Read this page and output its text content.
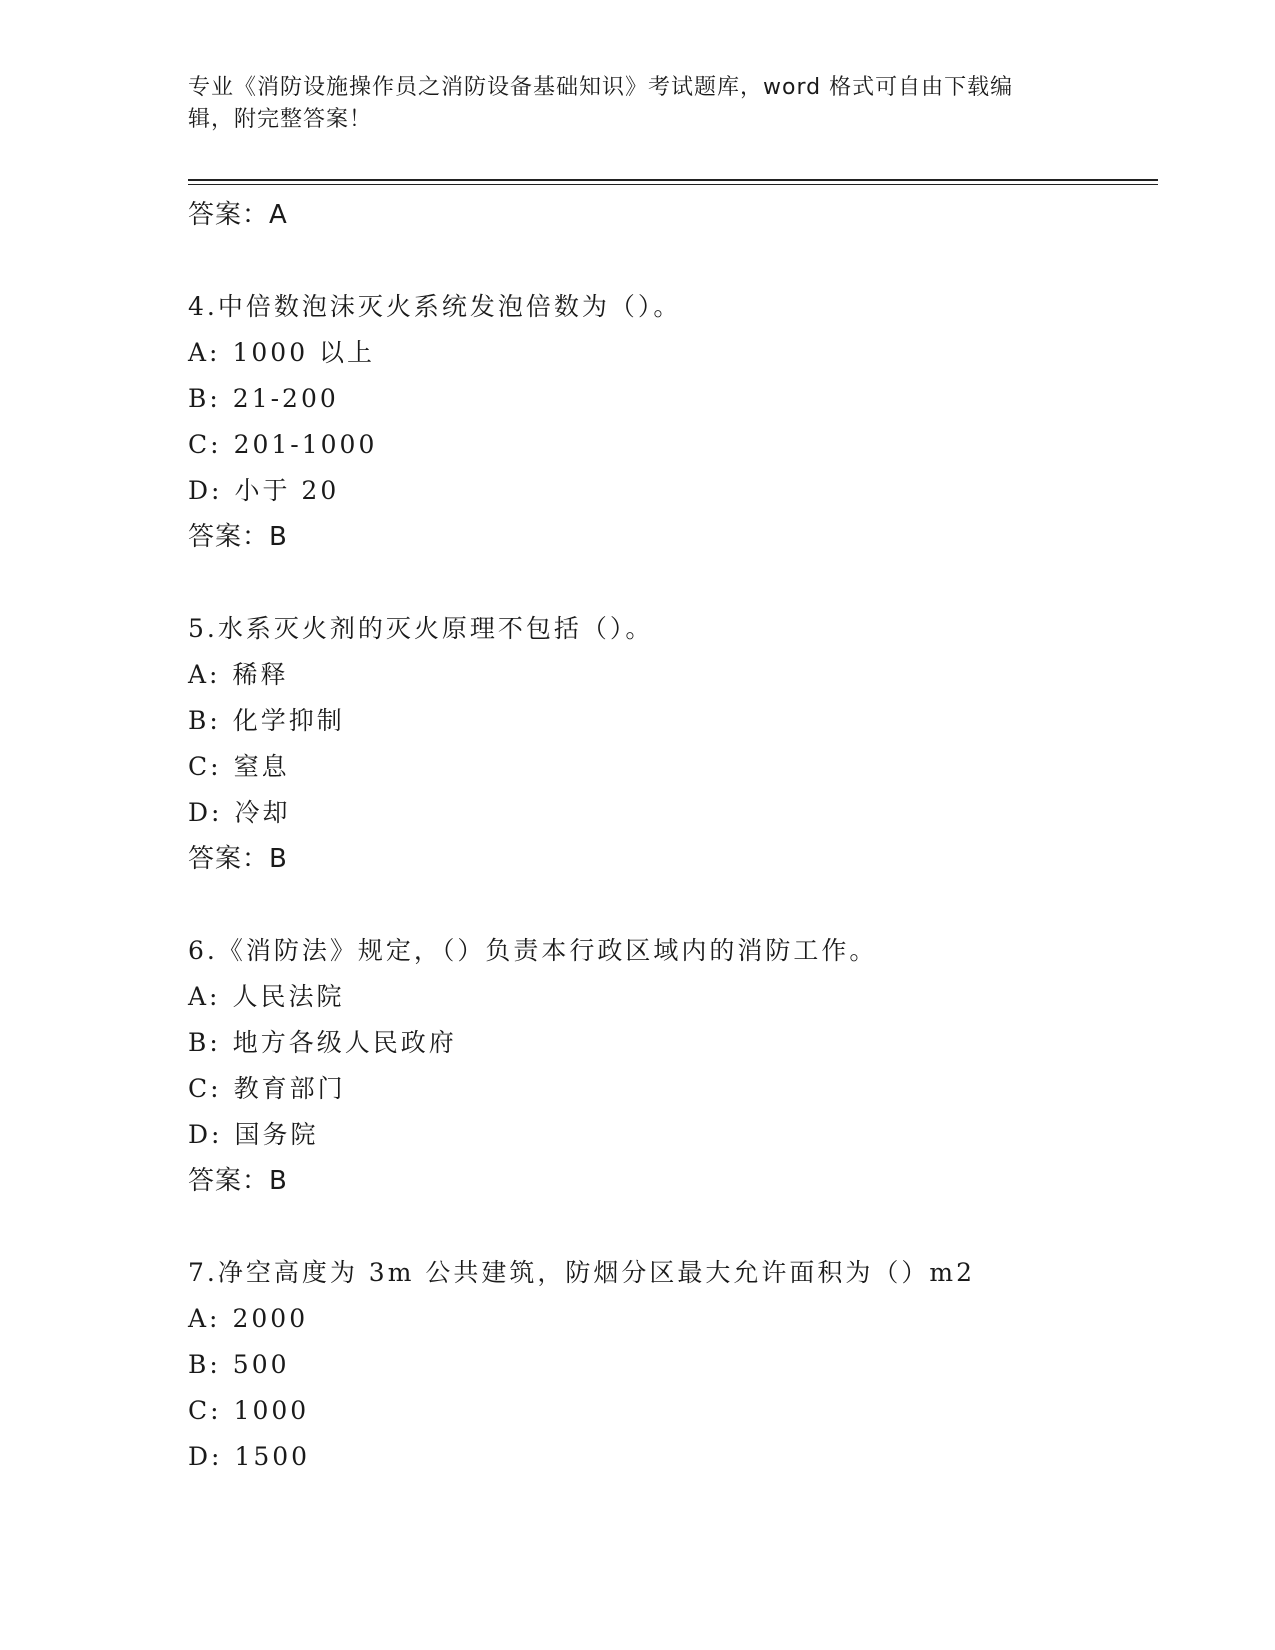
专业《消防设施操作员之消防设备基础知识》考试题库，word 格式可自由下载编
辑，附完整答案！
答案：A
4.中倍数泡沫灭火系统发泡倍数为（）。
A: 1000 以上
B: 21-200
C: 201-1000
D: 小于 20
答案：B
5.水系灭火剂的灭火原理不包括（）。
A: 稀释
B: 化学抑制
C: 窒息
D: 冷却
答案：B
6.《消防法》规定，（）负责本行政区域内的消防工作。
A: 人民法院
B: 地方各级人民政府
C: 教育部门
D: 国务院
答案：B
7.净空高度为 3m 公共建筑，防烟分区最大允许面积为（）m2
A: 2000
B: 500
C: 1000
D: 1500
